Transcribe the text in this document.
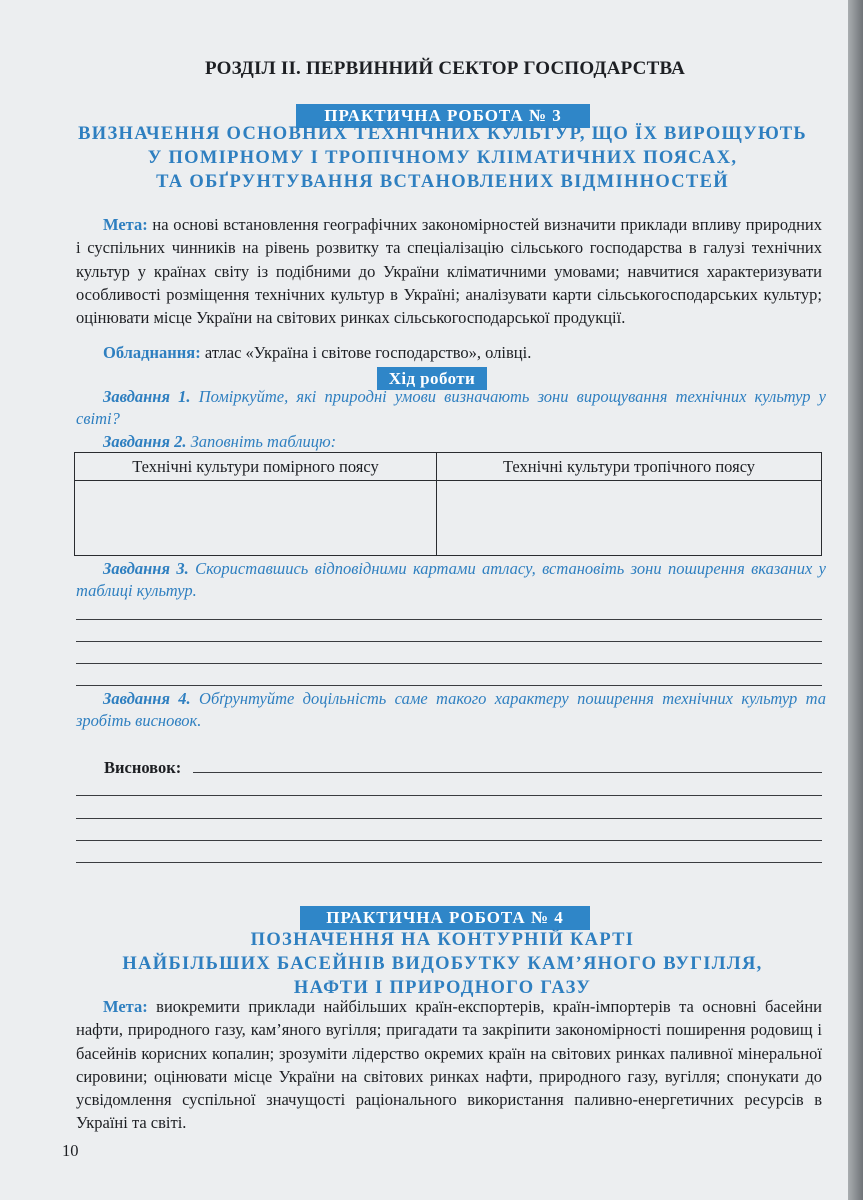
РОЗДІЛ ІІ. ПЕРВИННИЙ СЕКТОР ГОСПОДАРСТВА
ПРАКТИЧНА РОБОТА № 3
ВИЗНАЧЕННЯ ОСНОВНИХ ТЕХНІЧНИХ КУЛЬТУР, ЩО ЇХ ВИРОЩУЮТЬ
У ПОМІРНОМУ І ТРОПІЧНОМУ КЛІМАТИЧНИХ ПОЯСАХ,
ТА ОБҐРУНТУВАННЯ ВСТАНОВЛЕНИХ ВІДМІННОСТЕЙ
Мета: на основі встановлення географічних закономірностей визначити приклади впливу природних і суспільних чинників на рівень розвитку та спеціалізацію сільського господарства в галузі технічних культур у країнах світу із подібними до України кліматичними умовами; навчитися характеризувати особливості розміщення технічних культур в Україні; аналізувати карти сільськогосподарських культур; оцінювати місце України на світових ринках сільськогосподарської продукції.
Обладнання: атлас «Україна і світове господарство», олівці.
Хід роботи
Завдання 1. Поміркуйте, які природні умови визначають зони вирощування технічних культур у світі?
Завдання 2. Заповніть таблицю:
Технічні культури помірного поясу	Технічні культури тропічного поясу
Завдання 3. Скориставшись відповідними картами атласу, встановіть зони поширення вказаних у таблиці культур.
Завдання 4. Обґрунтуйте доцільність саме такого характеру поширення технічних культур та зробіть висновок.
Висновок:
ПРАКТИЧНА РОБОТА № 4
ПОЗНАЧЕННЯ НА КОНТУРНІЙ КАРТІ
НАЙБІЛЬШИХ БАСЕЙНІВ ВИДОБУТКУ КАМ’ЯНОГО ВУГІЛЛЯ,
НАФТИ І ПРИРОДНОГО ГАЗУ
Мета: виокремити приклади найбільших країн-експортерів, країн-імпортерів та основні басейни нафти, природного газу, кам’яного вугілля; пригадати та закріпити закономірності поширення родовищ і басейнів корисних копалин; зрозуміти лідерство окремих країн на світових ринках паливної мінеральної сировини; оцінювати місце України на світових ринках нафти, природного газу, вугілля; спонукати до усвідомлення суспільної значущості раціонального використання паливно-енергетичних ресурсів в Україні та світі.
10
